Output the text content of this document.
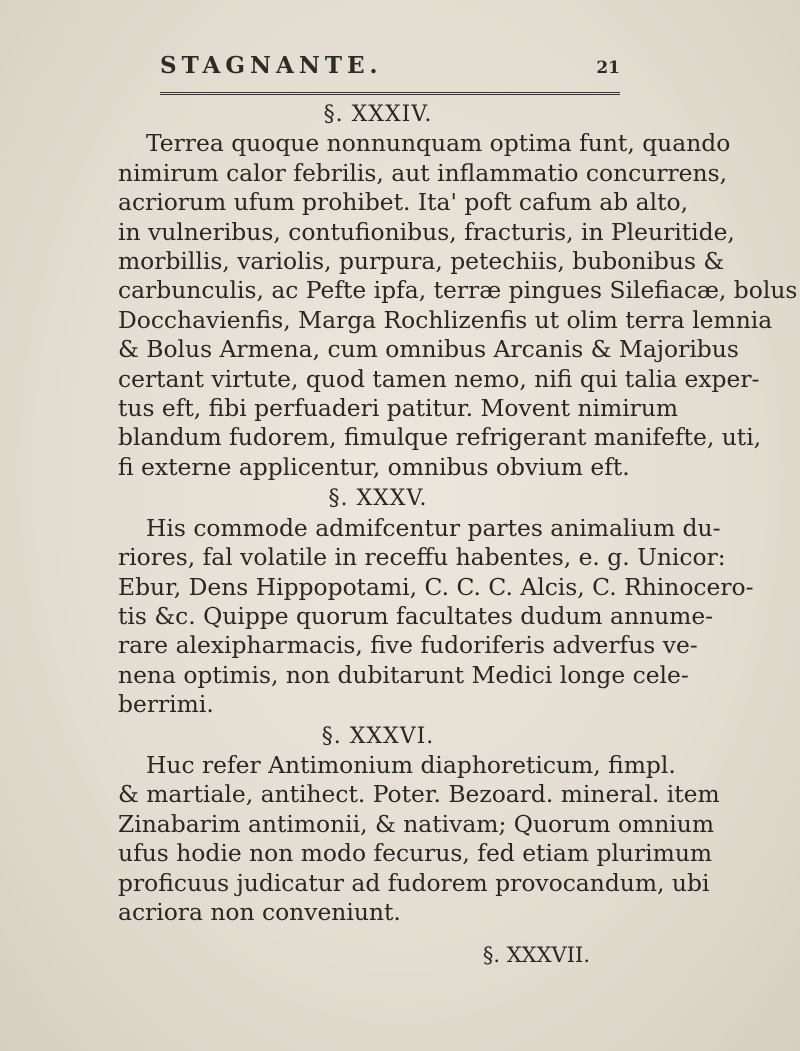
STAGNANTE.	21
§. XXXIV.

Terrea quoque nonnunquam optima funt, quando
nimirum calor febrilis, aut inflammatio concurrens,
acriorum ufum prohibet. Ita' poft cafum ab alto,
in vulneribus, contufionibus, fracturis, in Pleuritide,
morbillis, variolis, purpura, petechiis, bubonibus &
carbunculis, ac Pefte ipfa, terræ pingues Silefiacæ, bolus
Docchavienfis, Marga Rochlizenfis ut olim terra lemnia
& Bolus Armena, cum omnibus Arcanis & Majoribus
certant virtute, quod tamen nemo, nifi qui talia exper-
tus eft, fibi perfuaderi patitur. Movent nimirum
blandum fudorem, fimulque refrigerant manifefte, uti,
fi externe applicentur, omnibus obvium eft.

§. XXXV.

His commode admifcentur partes animalium du-
riores, fal volatile in receffu habentes, e. g. Unicor:
Ebur, Dens Hippopotami, C. C. C. Alcis, C. Rhinocero-
tis &c. Quippe quorum facultates dudum annume-
rare alexipharmacis, five fudoriferis adverfus ve-
nena optimis, non dubitarunt Medici longe cele-
berrimi.

§. XXXVI.

Huc refer Antimonium diaphoreticum, fimpl.
& martiale, antihect. Poter. Bezoard. mineral. item
Zinabarim antimonii, & nativam; Quorum omnium
ufus hodie non modo fecurus, fed etiam plurimum
proficuus judicatur ad fudorem provocandum, ubi
acriora non conveniunt.

§. XXXVII.
